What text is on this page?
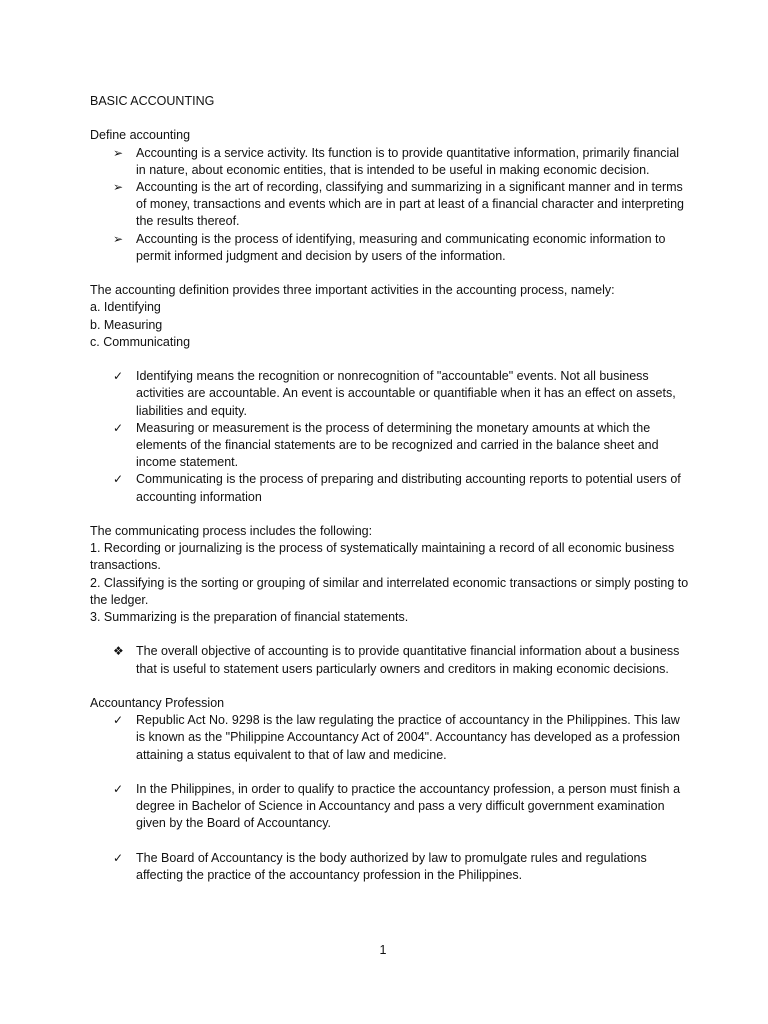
BASIC ACCOUNTING

Define accounting

➢	Accounting is a service activity. Its function is to provide quantitative information, primarily financial in nature, about economic entities, that is intended to be useful in making economic decision.
➢	Accounting is the art of recording, classifying and summarizing in a significant manner and in terms of money, transactions and events which are in part at least of a financial character and interpreting the results thereof.
➢	Accounting is the process of identifying, measuring and communicating economic information to permit informed judgment and decision by users of the information.

The accounting definition provides three important activities in the accounting process, namely:

a. Identifying

b. Measuring

c. Communicating

✓	Identifying means the recognition or nonrecognition of "accountable" events. Not all business activities are accountable. An event is accountable or quantifiable when it has an effect on assets, liabilities and equity.
✓	Measuring or measurement is the process of determining the monetary amounts at which the elements of the financial statements are to be recognized and carried in the balance sheet and income statement.
✓	Communicating is the process of preparing and distributing accounting reports to potential users of accounting information

The communicating process includes the following:

1. Recording or journalizing is the process of systematically maintaining a record of all economic business transactions.

2. Classifying is the sorting or grouping of similar and interrelated economic transactions or simply posting to the ledger.

3. Summarizing is the preparation of financial statements.

❖ The overall objective of accounting is to provide quantitative financial information about a business that is useful to statement users particularly owners and creditors in making economic decisions.

Accountancy Profession

✓	Republic Act No. 9298 is the law regulating the practice of accountancy in the Philippines. This law is known as the "Philippine Accountancy Act of 2004". Accountancy has developed as a profession attaining a status equivalent to that of law and medicine.
✓	In the Philippines, in order to qualify to practice the accountancy profession, a person must finish a degree in Bachelor of Science in Accountancy and pass a very difficult government examination given by the Board of Accountancy.
✓	The Board of Accountancy is the body authorized by law to promulgate rules and regulations affecting the practice of the accountancy profession in the Philippines.
1
